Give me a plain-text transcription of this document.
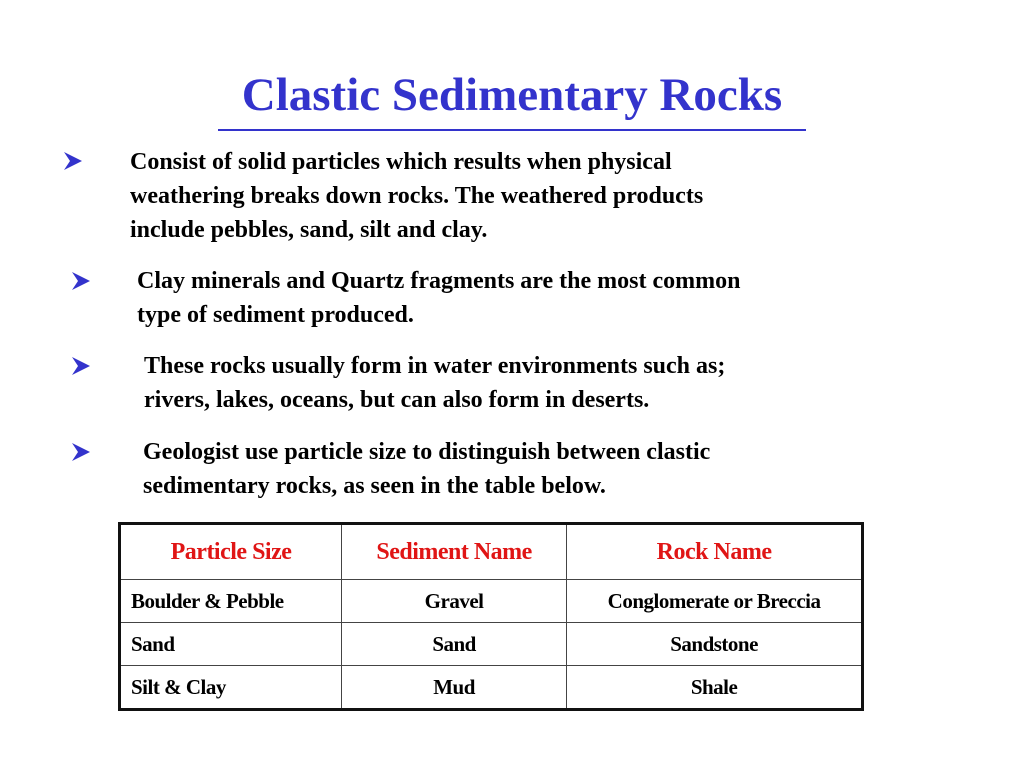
Clastic Sedimentary Rocks
Consist of solid particles which results when physical
weathering breaks down rocks. The weathered products
include pebbles, sand, silt and clay.
Clay minerals and Quartz fragments are the most common
type of sediment produced.
These rocks usually form in water environments such as;
rivers, lakes, oceans, but can also form in deserts.
Geologist use particle size to distinguish between clastic
sedimentary rocks, as seen in the table below.
Particle Size	Sediment Name	Rock Name
Boulder & Pebble	Gravel	Conglomerate or Breccia
Sand	Sand	Sandstone
Silt & Clay	Mud	Shale
